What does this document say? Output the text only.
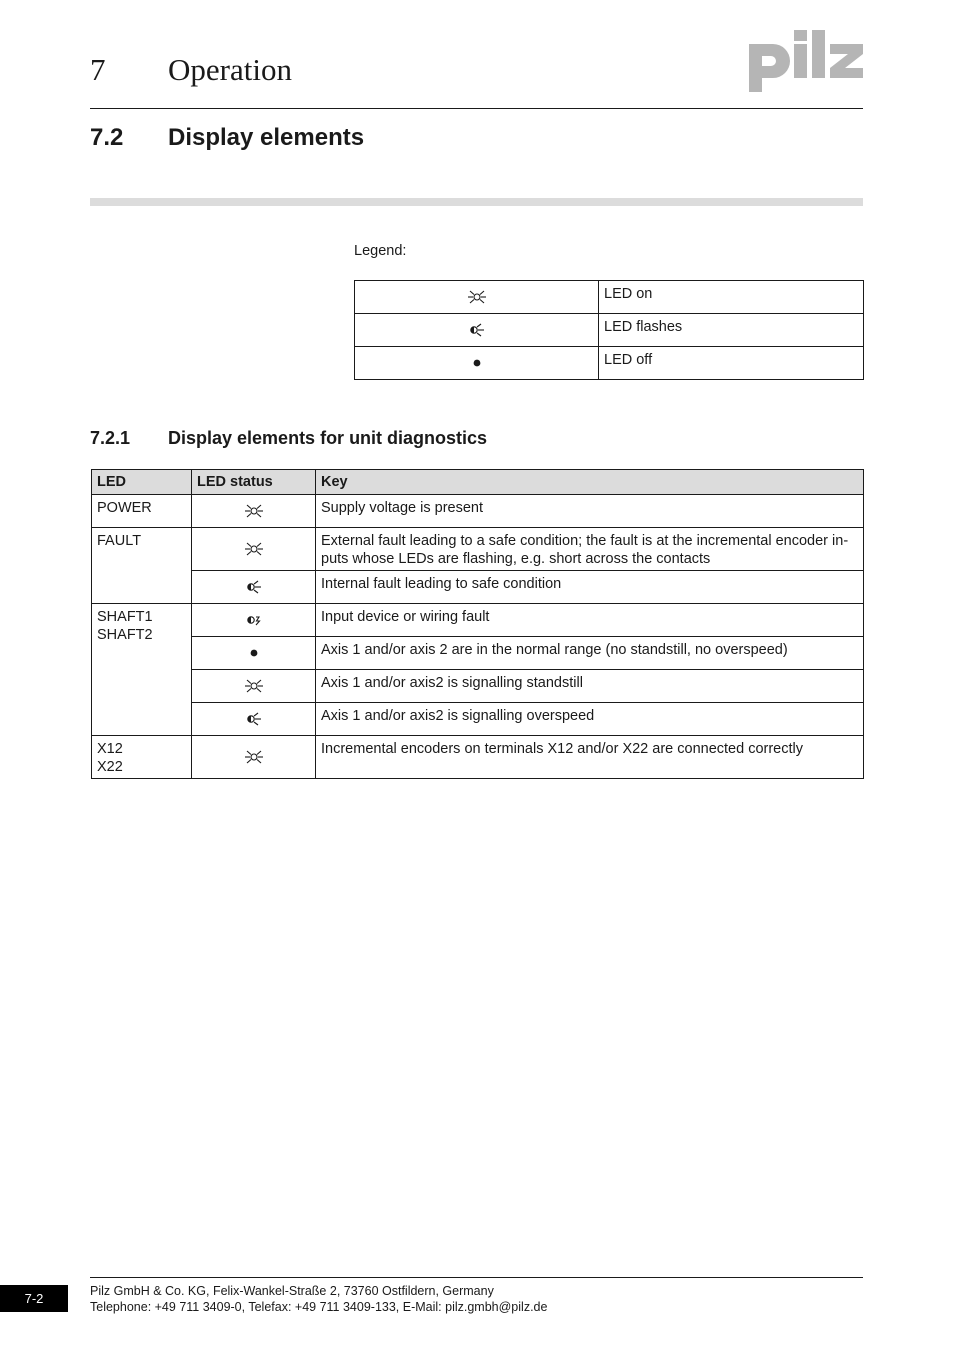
7 Operation
7.2 Display elements
Legend:
	LED on
	LED flashes
	LED off
7.2.1 Display elements for unit diagnostics
LED	LED status	Key
POWER		Supply voltage is present
FAULT		External fault leading to a safe condition; the fault is at the incremental encoder in-puts whose LEDs are flashing, e.g. short across the contacts
	Internal fault leading to safe condition
SHAFT1
SHAFT2		Input device or wiring fault
	Axis 1 and/or axis 2 are in the normal range (no standstill, no overspeed)
	Axis 1 and/or axis2 is signalling standstill
	Axis 1 and/or axis2 is signalling overspeed
X12
X22		Incremental encoders on terminals X12 and/or X22 are connected correctly
7-2	Pilz GmbH & Co. KG, Felix-Wankel-Straße 2, 73760 Ostfildern, Germany
Telephone: +49 711 3409-0, Telefax: +49 711 3409-133, E-Mail: pilz.gmbh@pilz.de
